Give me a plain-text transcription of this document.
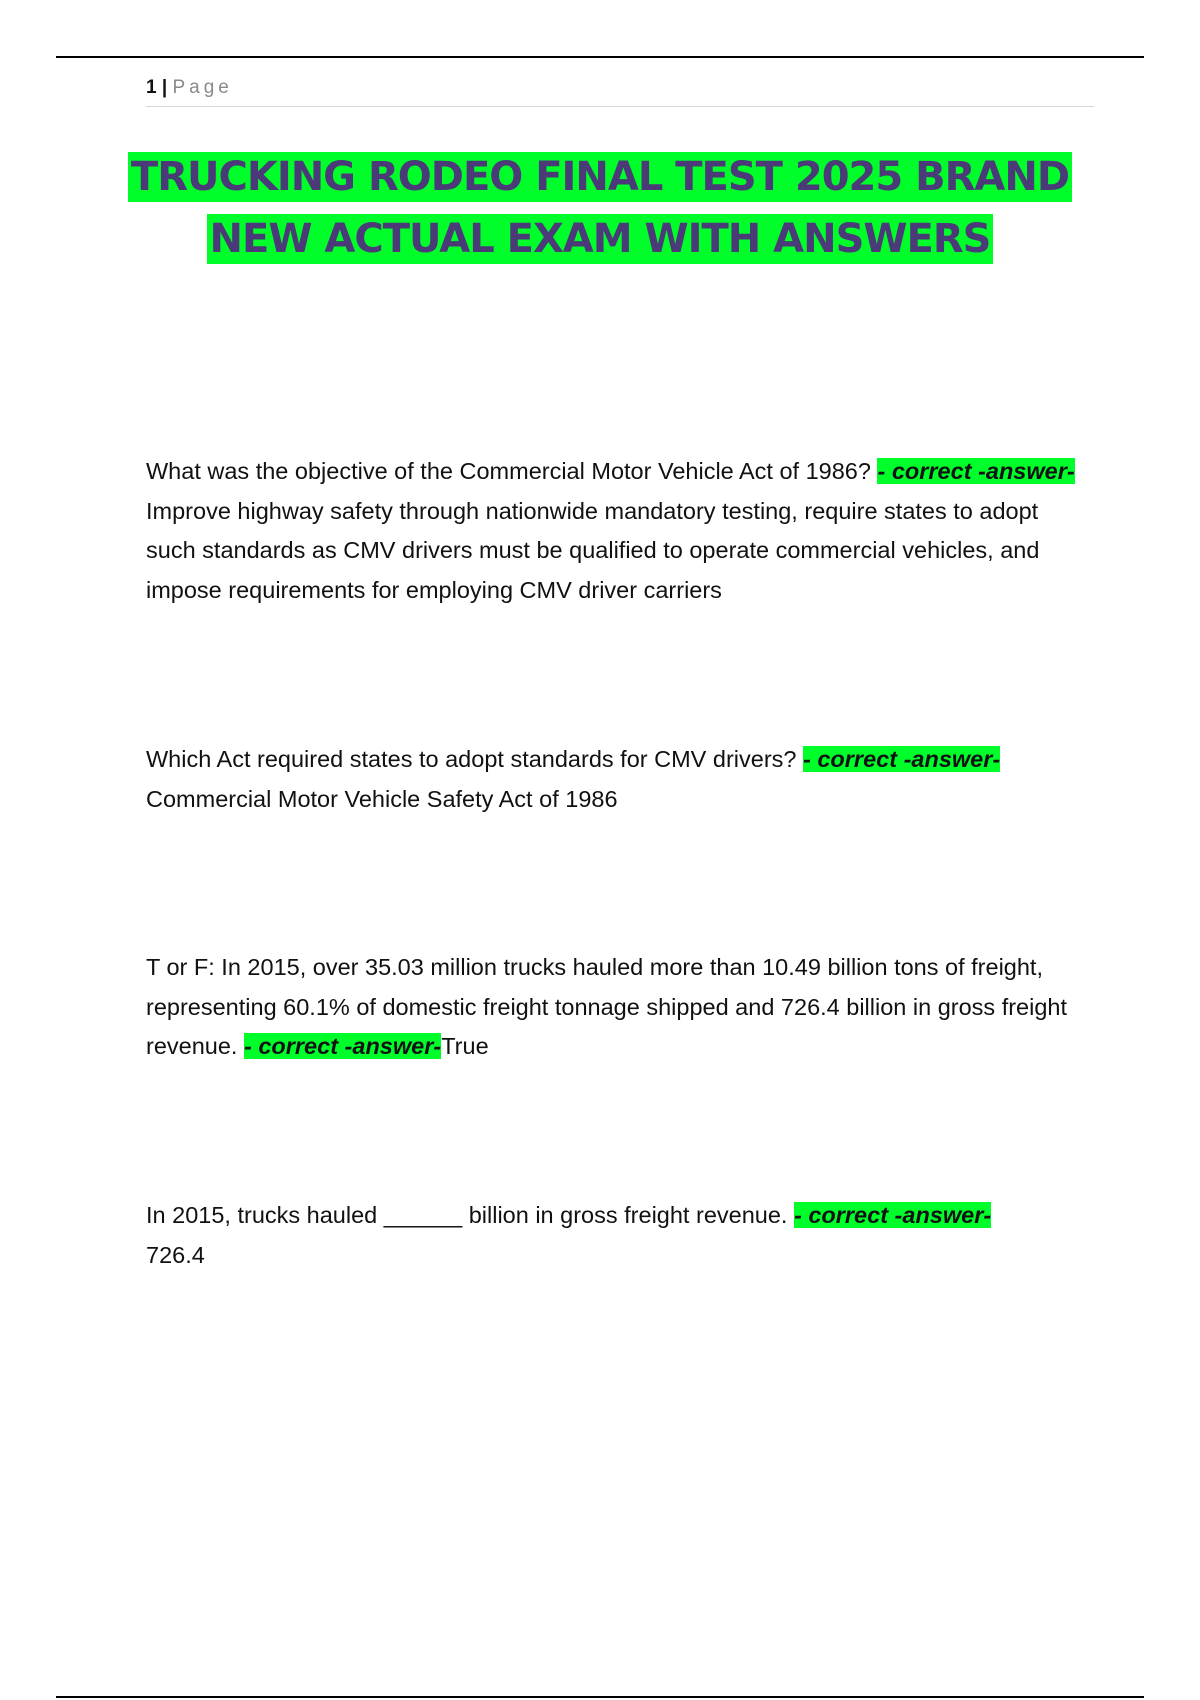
1 | Page
TRUCKING RODEO FINAL TEST 2025 BRAND
NEW ACTUAL EXAM WITH ANSWERS
What was the objective of the Commercial Motor Vehicle Act of 1986? - correct -answer-Improve highway safety through nationwide mandatory testing, require states to adopt such standards as CMV drivers must be qualified to operate commercial vehicles, and impose requirements for employing CMV driver carriers
Which Act required states to adopt standards for CMV drivers? - correct -answer-
Commercial Motor Vehicle Safety Act of 1986
T or F: In 2015, over 35.03 million trucks hauled more than 10.49 billion tons of freight, representing 60.1% of domestic freight tonnage shipped and 726.4 billion in gross freight revenue. - correct -answer-True
In 2015, trucks hauled ______ billion in gross freight revenue. - correct -answer-
726.4
